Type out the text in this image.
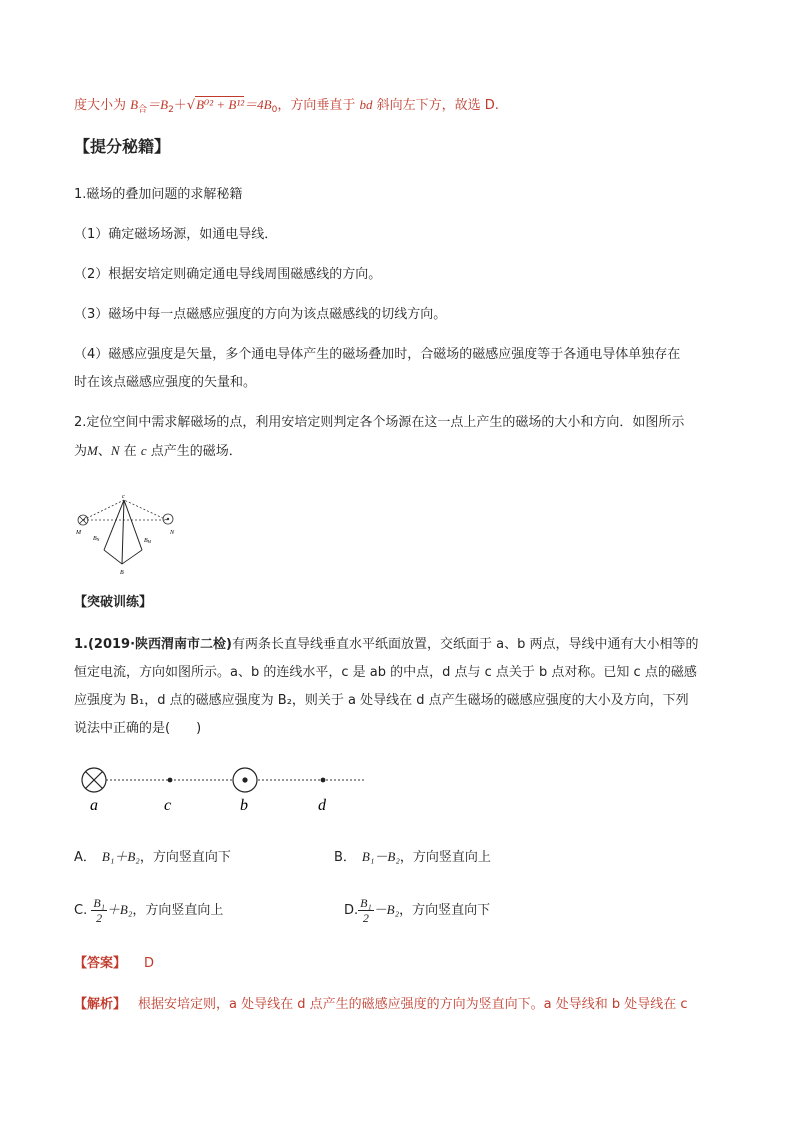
度大小为 $B_合=B_2+√B^{02} + B^{12}=4B_0$，方向垂直于 bd 斜向左下方，故选 D.
【提分秘籍】
1.磁场的叠加问题的求解秘籍
（1）确定磁场场源，如通电导线．
（2）根据安培定则确定通电导线周围磁感线的方向。
（3）磁场中每一点磁感应强度的方向为该点磁感线的切线方向。
（4）磁感应强度是矢量，多个通电导体产生的磁场叠加时，合磁场的磁感应强度等于各通电导体单独存在
时在该点磁感应强度的矢量和。
2.定位空间中需求解磁场的点，利用安培定则判定各个场源在这一点上产生的磁场的大小和方向．如图所示
为M、N 在 c 点产生的磁场．
c
M	N
BN	BM
B
【突破训练】
1.(2019·陕西渭南市二检)有两条长直导线垂直水平纸面放置，交纸面于 a、b 两点，导线中通有大小相等的
恒定电流，方向如图所示。a、b 的连线水平，c 是 ab 的中点，d 点与 c 点关于 b 点对称。已知 c 点的磁感
应强度为 B₁，d 点的磁感应强度为 B₂，则关于 a 处导线在 d 点产生磁场的磁感应强度的大小及方向，下列
说法中正确的是(　　)
a	c	b	d
A． B₁＋B₂，方向竖直向下	B． B₁－B₂，方向竖直向上
C. $\frac{\text{B₁}}{2} +B_2$，方向竖直向上	D. $\frac{\text{B₁}}{2} -B_2$，方向竖直向下
【答案】 D
【解析】 根据安培定则，a 处导线在 d 点产生的磁感应强度的方向为竖直向下。a 处导线和 b 处导线在 c
